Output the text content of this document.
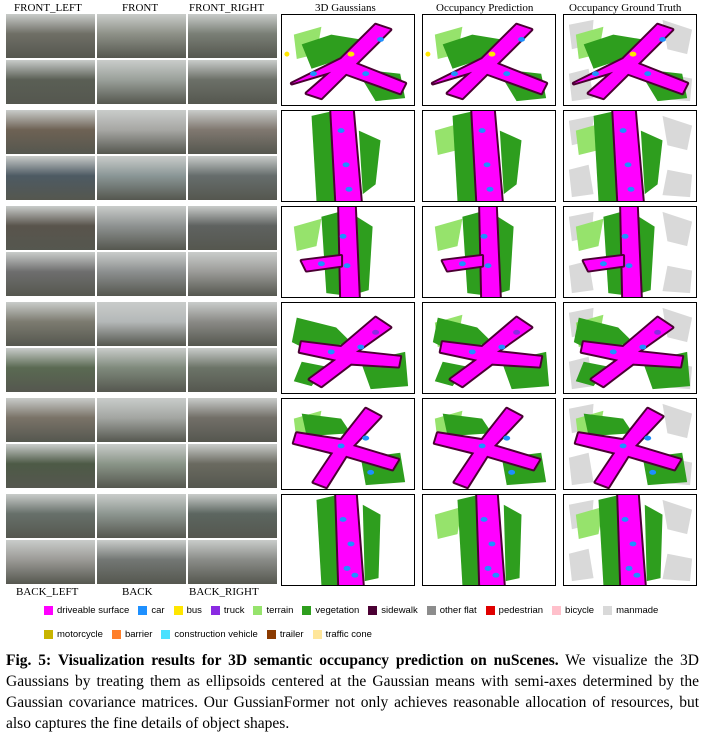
FRONT_LEFT	FRONT	FRONT_RIGHT	3D Gaussians	Occupancy Prediction	Occupancy Ground Truth
BACK_LEFT	BACK	BACK_RIGHT
driveable surface car bus truck terrain vegetation sidewalk other flat pedestrian bicycle manmade
motorcycle barrier construction vehicle trailer traffic cone
Fig. 5: Visualization results for 3D semantic occupancy prediction on nuScenes. We visualize the 3D Gaussians by treating them as ellipsoids centered at the Gaussian means with semi-axes determined by the Gaussian covariance matrices. Our GussianFormer not only achieves reasonable allocation of resources, but also captures the fine details of object shapes.
